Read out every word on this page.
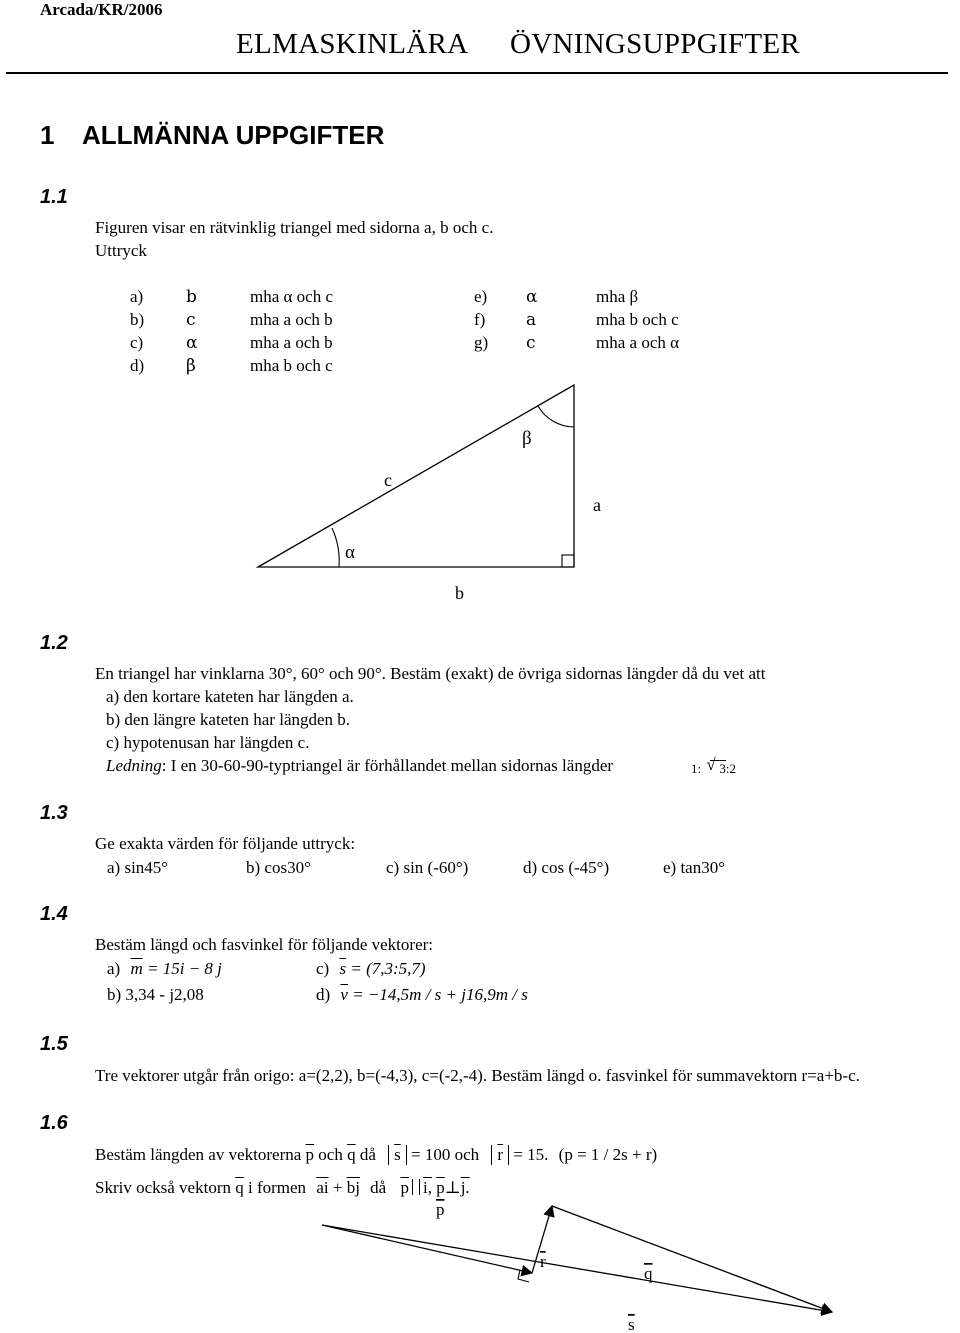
Arcada/KR/2006
ELMASKINLÄRA ÖVNINGSUPPGIFTER
1 ALLMÄNNA UPPGIFTER
1.1
Figuren visar en rätvinklig triangel med sidorna a, b och c.
Uttryck
a)	b	mha α och c
b) c	mha a och b
c)	α	mha a och b
d) β	mha b och c
e) α	mha β
f) a	mha b och c
g) c	mha a och α
β
c
a
α
b
1.2
En triangel har vinklarna 30°, 60° och 90°. Bestäm (exakt) de övriga sidornas längder då du vet att
a) den kortare kateten har längden a.
b) den längre kateten har längden b.
c) hypotenusan har längden c.
Ledning: I en 30-60-90-typtriangel är förhållandet mellan sidornas längder	1: √ 3:2
1.3
Ge exakta värden för följande uttryck:
a) sin45°	b) cos30°	c) sin (-60°)	d) cos (-45°)	e) tan30°
1.4
Bestäm längd och fasvinkel för följande vektorer:
a) $\overline{m} = 15i - 8$ j	c) $\overline{s}$ = (7,3:5,7)
b) 3,34 - j2,08	d) $\overline{v} = -14,5m / s + j16,9m / s$
1.5
Tre vektorer utgår från origo: a=(2,2), b=(-4,3), c=(-2,-4). Bestäm längd o. fasvinkel för summavektorn r=a+b-c.
1.6
Bestäm längden av vektorerna $\overline{p}$ och $\overline{q}$ då $\overline{s} = 100$ och $\overline{r} = 15$. (p = 1 / 2s + r)
Skriv också vektorn $\overline{q}$ i formen $\overline{ai} + \overline{bj}$ då $\overline{p}$ i, $\overline{p}\perp j$.
p
r
q
s
